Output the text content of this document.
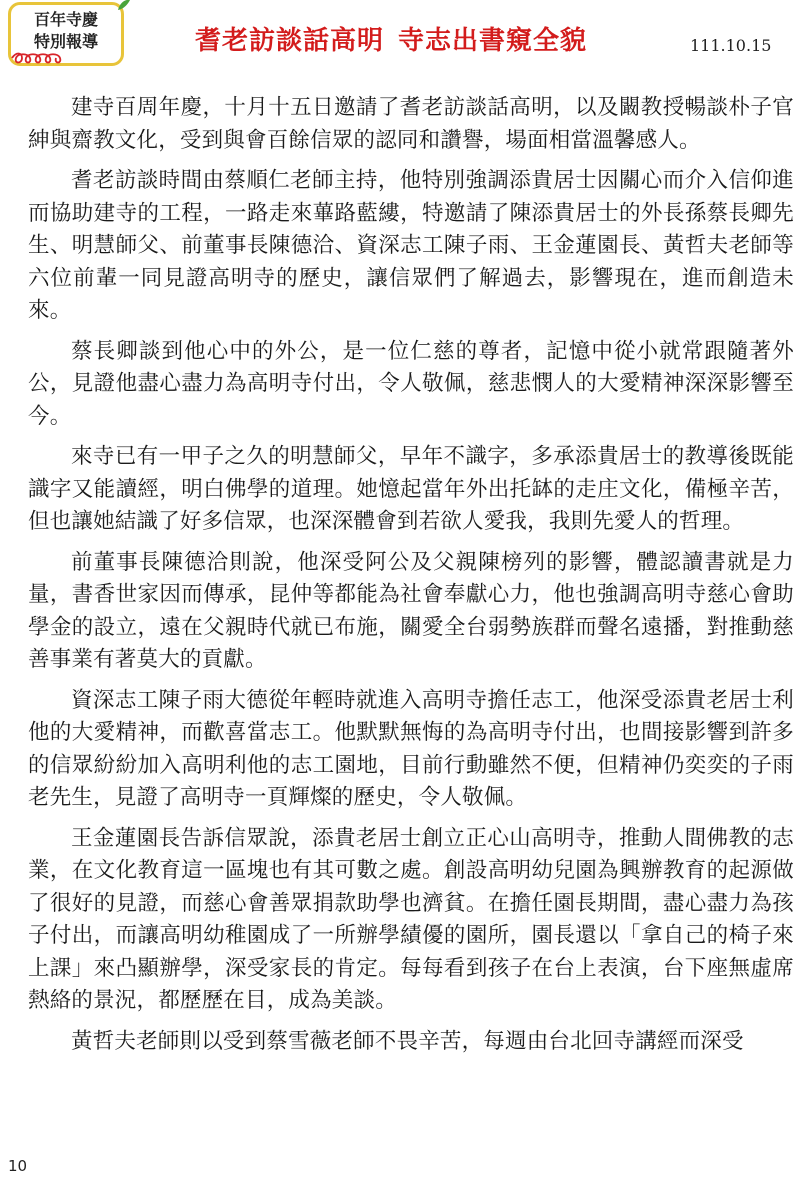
百年寺慶
特別報導	耆老訪談話高明 寺志出書窺全貌	111.10.15

建寺百周年慶，十月十五日邀請了耆老訪談話高明，以及闞教授暢談朴子官紳與齋教文化，受到與會百餘信眾的認同和讚譽，場面相當溫馨感人。

耆老訪談時間由蔡順仁老師主持，他特別強調添貴居士因關心而介入信仰進而協助建寺的工程，一路走來蓽路藍縷，特邀請了陳添貴居士的外長孫蔡長卿先生、明慧師父、前董事長陳德洽、資深志工陳子雨、王金蓮園長、黃哲夫老師等六位前輩一同見證高明寺的歷史，讓信眾們了解過去，影響現在，進而創造未來。

蔡長卿談到他心中的外公，是一位仁慈的尊者，記憶中從小就常跟隨著外公，見證他盡心盡力為高明寺付出，令人敬佩，慈悲憫人的大愛精神深深影響至今。

來寺已有一甲子之久的明慧師父，早年不識字，多承添貴居士的教導後既能識字又能讀經，明白佛學的道理。她憶起當年外出托缽的走庄文化，備極辛苦，但也讓她結識了好多信眾，也深深體會到若欲人愛我，我則先愛人的哲理。

前董事長陳德洽則說，他深受阿公及父親陳榜列的影響，體認讀書就是力量，書香世家因而傳承，昆仲等都能為社會奉獻心力，他也強調高明寺慈心會助學金的設立，遠在父親時代就已布施，關愛全台弱勢族群而聲名遠播，對推動慈善事業有著莫大的貢獻。

資深志工陳子雨大德從年輕時就進入高明寺擔任志工，他深受添貴老居士利他的大愛精神，而歡喜當志工。他默默無悔的為高明寺付出，也間接影響到許多的信眾紛紛加入高明利他的志工園地，目前行動雖然不便，但精神仍奕奕的子雨老先生，見證了高明寺一頁輝燦的歷史，令人敬佩。

王金蓮園長告訴信眾說，添貴老居士創立正心山高明寺，推動人間佛教的志業，在文化教育這一區塊也有其可數之處。創設高明幼兒園為興辦教育的起源做了很好的見證，而慈心會善眾捐款助學也濟貧。在擔任園長期間，盡心盡力為孩子付出，而讓高明幼稚園成了一所辦學績優的園所，園長還以「拿自己的椅子來上課」來凸顯辦學，深受家長的肯定。每每看到孩子在台上表演，台下座無虛席熱絡的景況，都歷歷在目，成為美談。

黃哲夫老師則以受到蔡雪薇老師不畏辛苦，每週由台北回寺講經而深受

10
